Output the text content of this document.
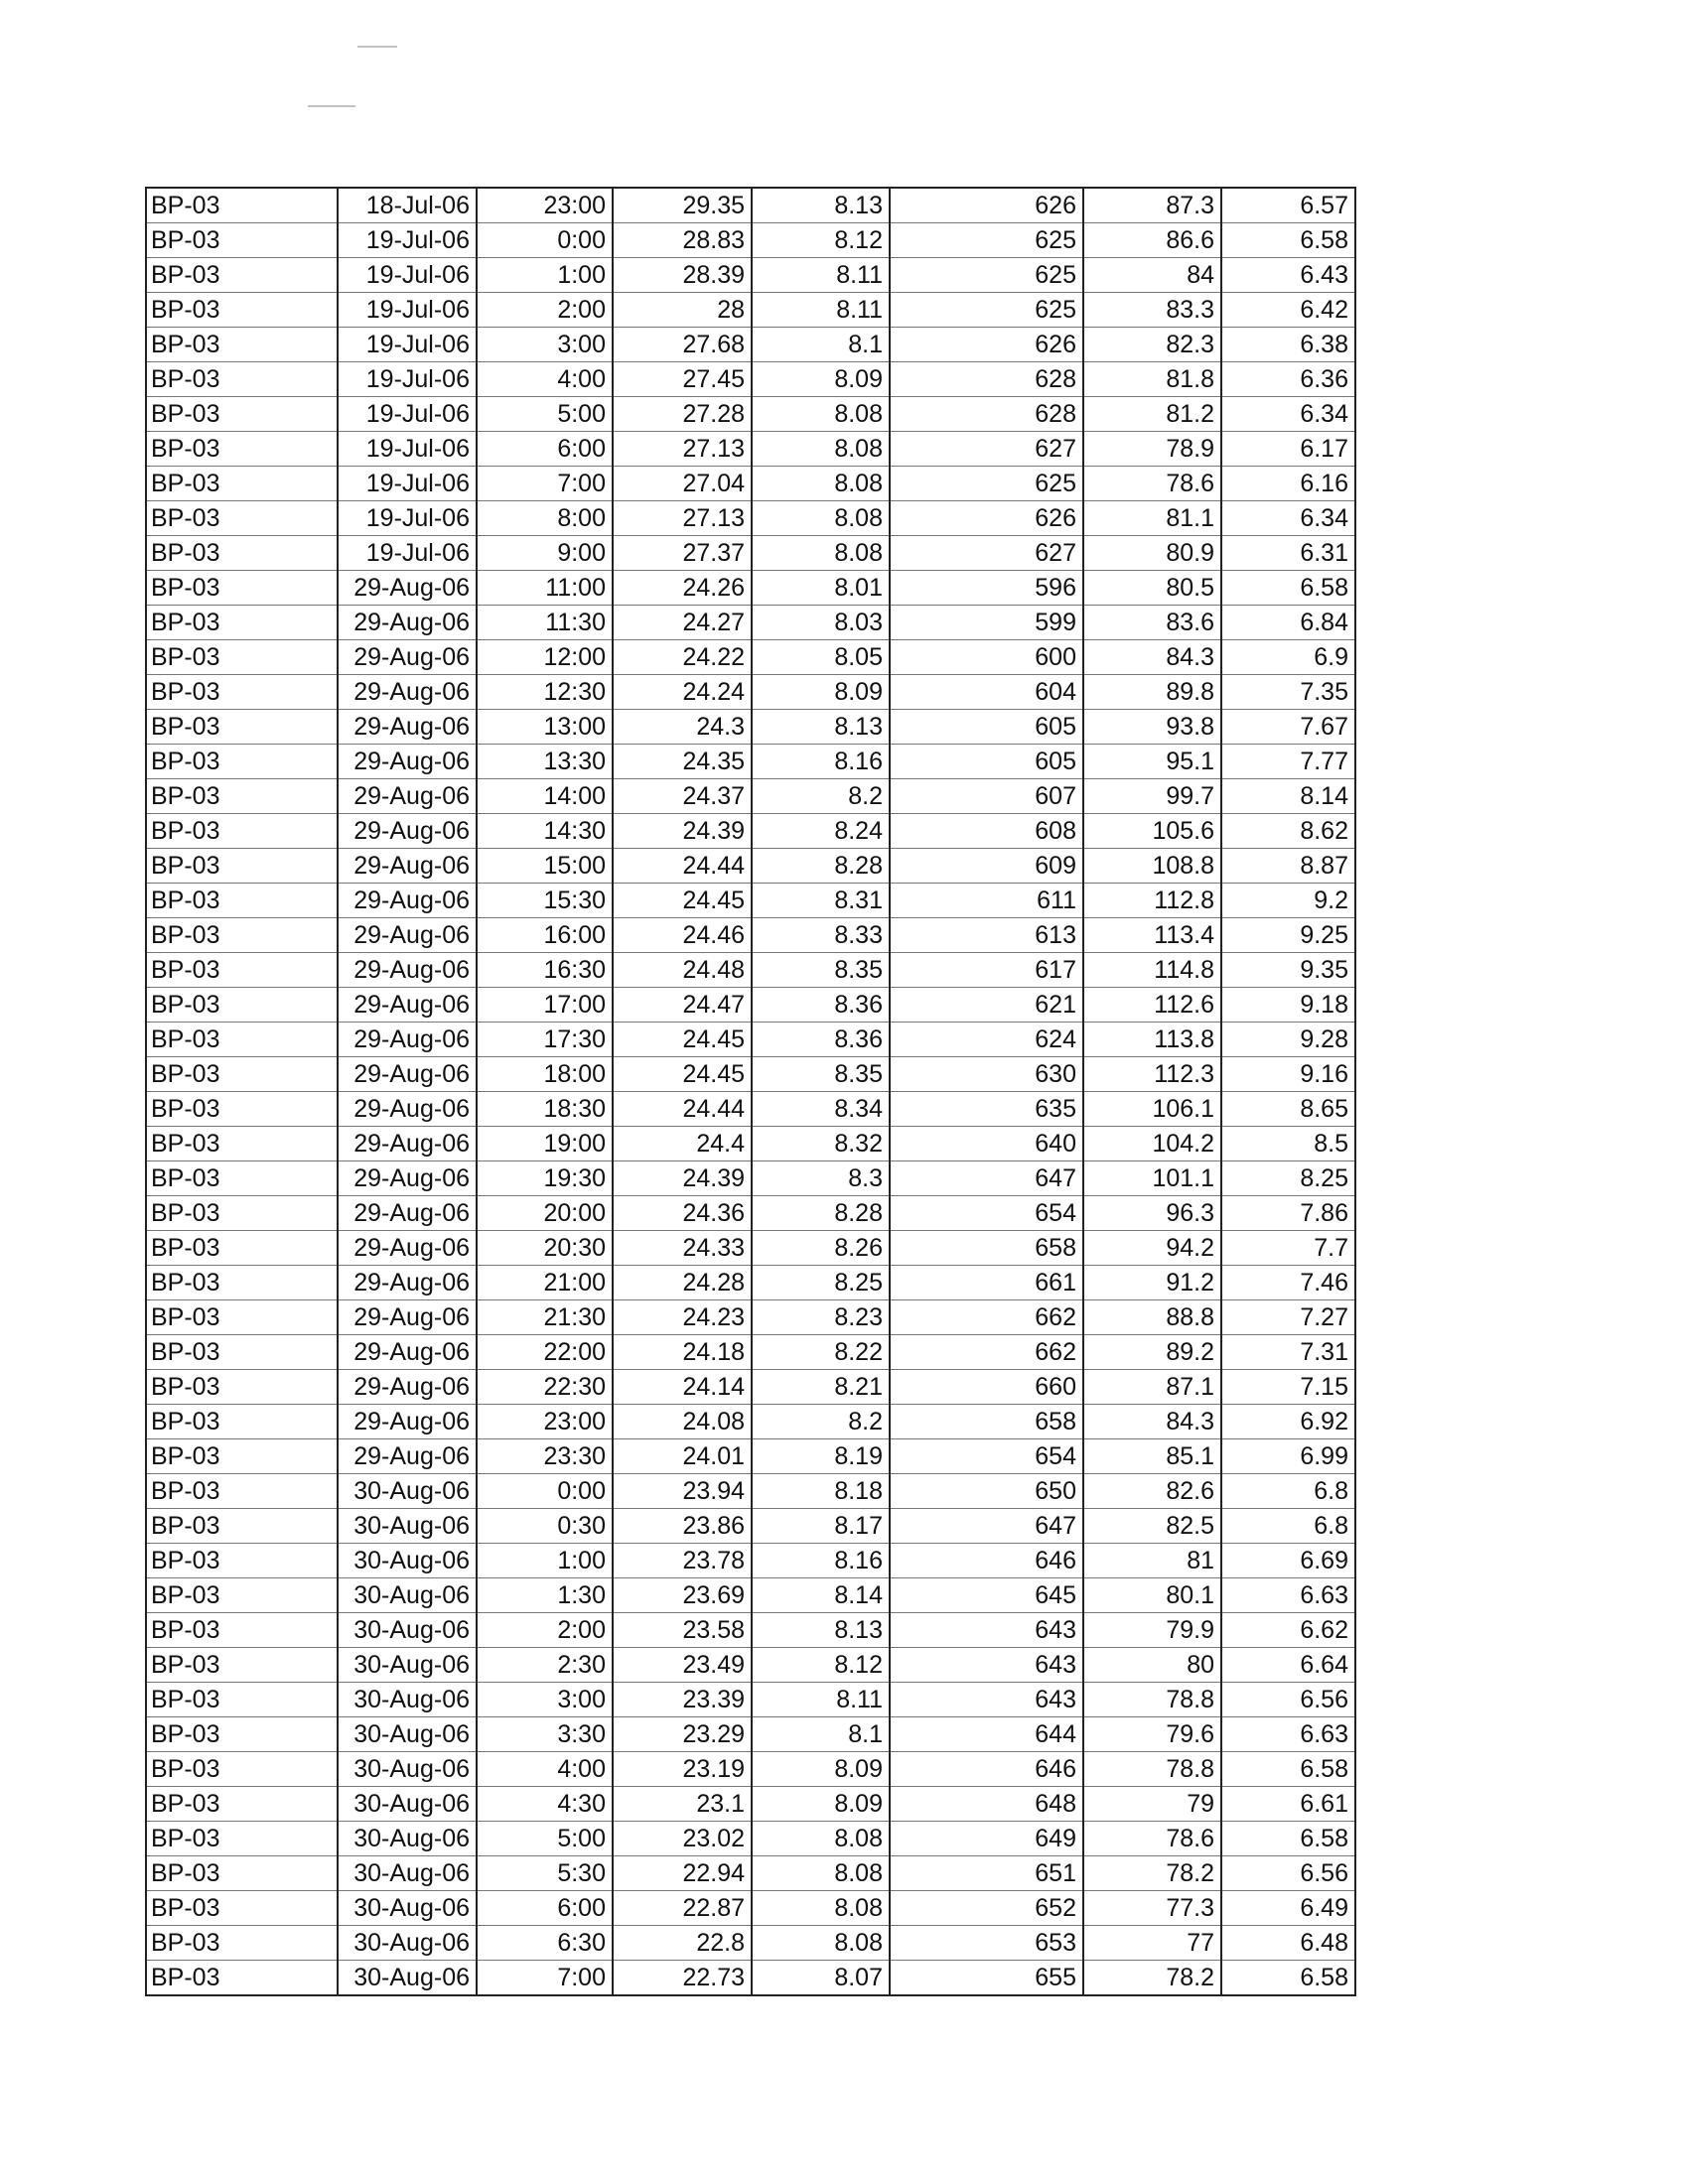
BP-03	18-Jul-06	23:00	29.35	8.13	626	87.3	6.57
BP-03	19-Jul-06	0:00	28.83	8.12	625	86.6	6.58
BP-03	19-Jul-06	1:00	28.39	8.11	625	84	6.43
BP-03	19-Jul-06	2:00	28	8.11	625	83.3	6.42
BP-03	19-Jul-06	3:00	27.68	8.1	626	82.3	6.38
BP-03	19-Jul-06	4:00	27.45	8.09	628	81.8	6.36
BP-03	19-Jul-06	5:00	27.28	8.08	628	81.2	6.34
BP-03	19-Jul-06	6:00	27.13	8.08	627	78.9	6.17
BP-03	19-Jul-06	7:00	27.04	8.08	625	78.6	6.16
BP-03	19-Jul-06	8:00	27.13	8.08	626	81.1	6.34
BP-03	19-Jul-06	9:00	27.37	8.08	627	80.9	6.31
BP-03	29-Aug-06	11:00	24.26	8.01	596	80.5	6.58
BP-03	29-Aug-06	11:30	24.27	8.03	599	83.6	6.84
BP-03	29-Aug-06	12:00	24.22	8.05	600	84.3	6.9
BP-03	29-Aug-06	12:30	24.24	8.09	604	89.8	7.35
BP-03	29-Aug-06	13:00	24.3	8.13	605	93.8	7.67
BP-03	29-Aug-06	13:30	24.35	8.16	605	95.1	7.77
BP-03	29-Aug-06	14:00	24.37	8.2	607	99.7	8.14
BP-03	29-Aug-06	14:30	24.39	8.24	608	105.6	8.62
BP-03	29-Aug-06	15:00	24.44	8.28	609	108.8	8.87
BP-03	29-Aug-06	15:30	24.45	8.31	611	112.8	9.2
BP-03	29-Aug-06	16:00	24.46	8.33	613	113.4	9.25
BP-03	29-Aug-06	16:30	24.48	8.35	617	114.8	9.35
BP-03	29-Aug-06	17:00	24.47	8.36	621	112.6	9.18
BP-03	29-Aug-06	17:30	24.45	8.36	624	113.8	9.28
BP-03	29-Aug-06	18:00	24.45	8.35	630	112.3	9.16
BP-03	29-Aug-06	18:30	24.44	8.34	635	106.1	8.65
BP-03	29-Aug-06	19:00	24.4	8.32	640	104.2	8.5
BP-03	29-Aug-06	19:30	24.39	8.3	647	101.1	8.25
BP-03	29-Aug-06	20:00	24.36	8.28	654	96.3	7.86
BP-03	29-Aug-06	20:30	24.33	8.26	658	94.2	7.7
BP-03	29-Aug-06	21:00	24.28	8.25	661	91.2	7.46
BP-03	29-Aug-06	21:30	24.23	8.23	662	88.8	7.27
BP-03	29-Aug-06	22:00	24.18	8.22	662	89.2	7.31
BP-03	29-Aug-06	22:30	24.14	8.21	660	87.1	7.15
BP-03	29-Aug-06	23:00	24.08	8.2	658	84.3	6.92
BP-03	29-Aug-06	23:30	24.01	8.19	654	85.1	6.99
BP-03	30-Aug-06	0:00	23.94	8.18	650	82.6	6.8
BP-03	30-Aug-06	0:30	23.86	8.17	647	82.5	6.8
BP-03	30-Aug-06	1:00	23.78	8.16	646	81	6.69
BP-03	30-Aug-06	1:30	23.69	8.14	645	80.1	6.63
BP-03	30-Aug-06	2:00	23.58	8.13	643	79.9	6.62
BP-03	30-Aug-06	2:30	23.49	8.12	643	80	6.64
BP-03	30-Aug-06	3:00	23.39	8.11	643	78.8	6.56
BP-03	30-Aug-06	3:30	23.29	8.1	644	79.6	6.63
BP-03	30-Aug-06	4:00	23.19	8.09	646	78.8	6.58
BP-03	30-Aug-06	4:30	23.1	8.09	648	79	6.61
BP-03	30-Aug-06	5:00	23.02	8.08	649	78.6	6.58
BP-03	30-Aug-06	5:30	22.94	8.08	651	78.2	6.56
BP-03	30-Aug-06	6:00	22.87	8.08	652	77.3	6.49
BP-03	30-Aug-06	6:30	22.8	8.08	653	77	6.48
BP-03	30-Aug-06	7:00	22.73	8.07	655	78.2	6.58
